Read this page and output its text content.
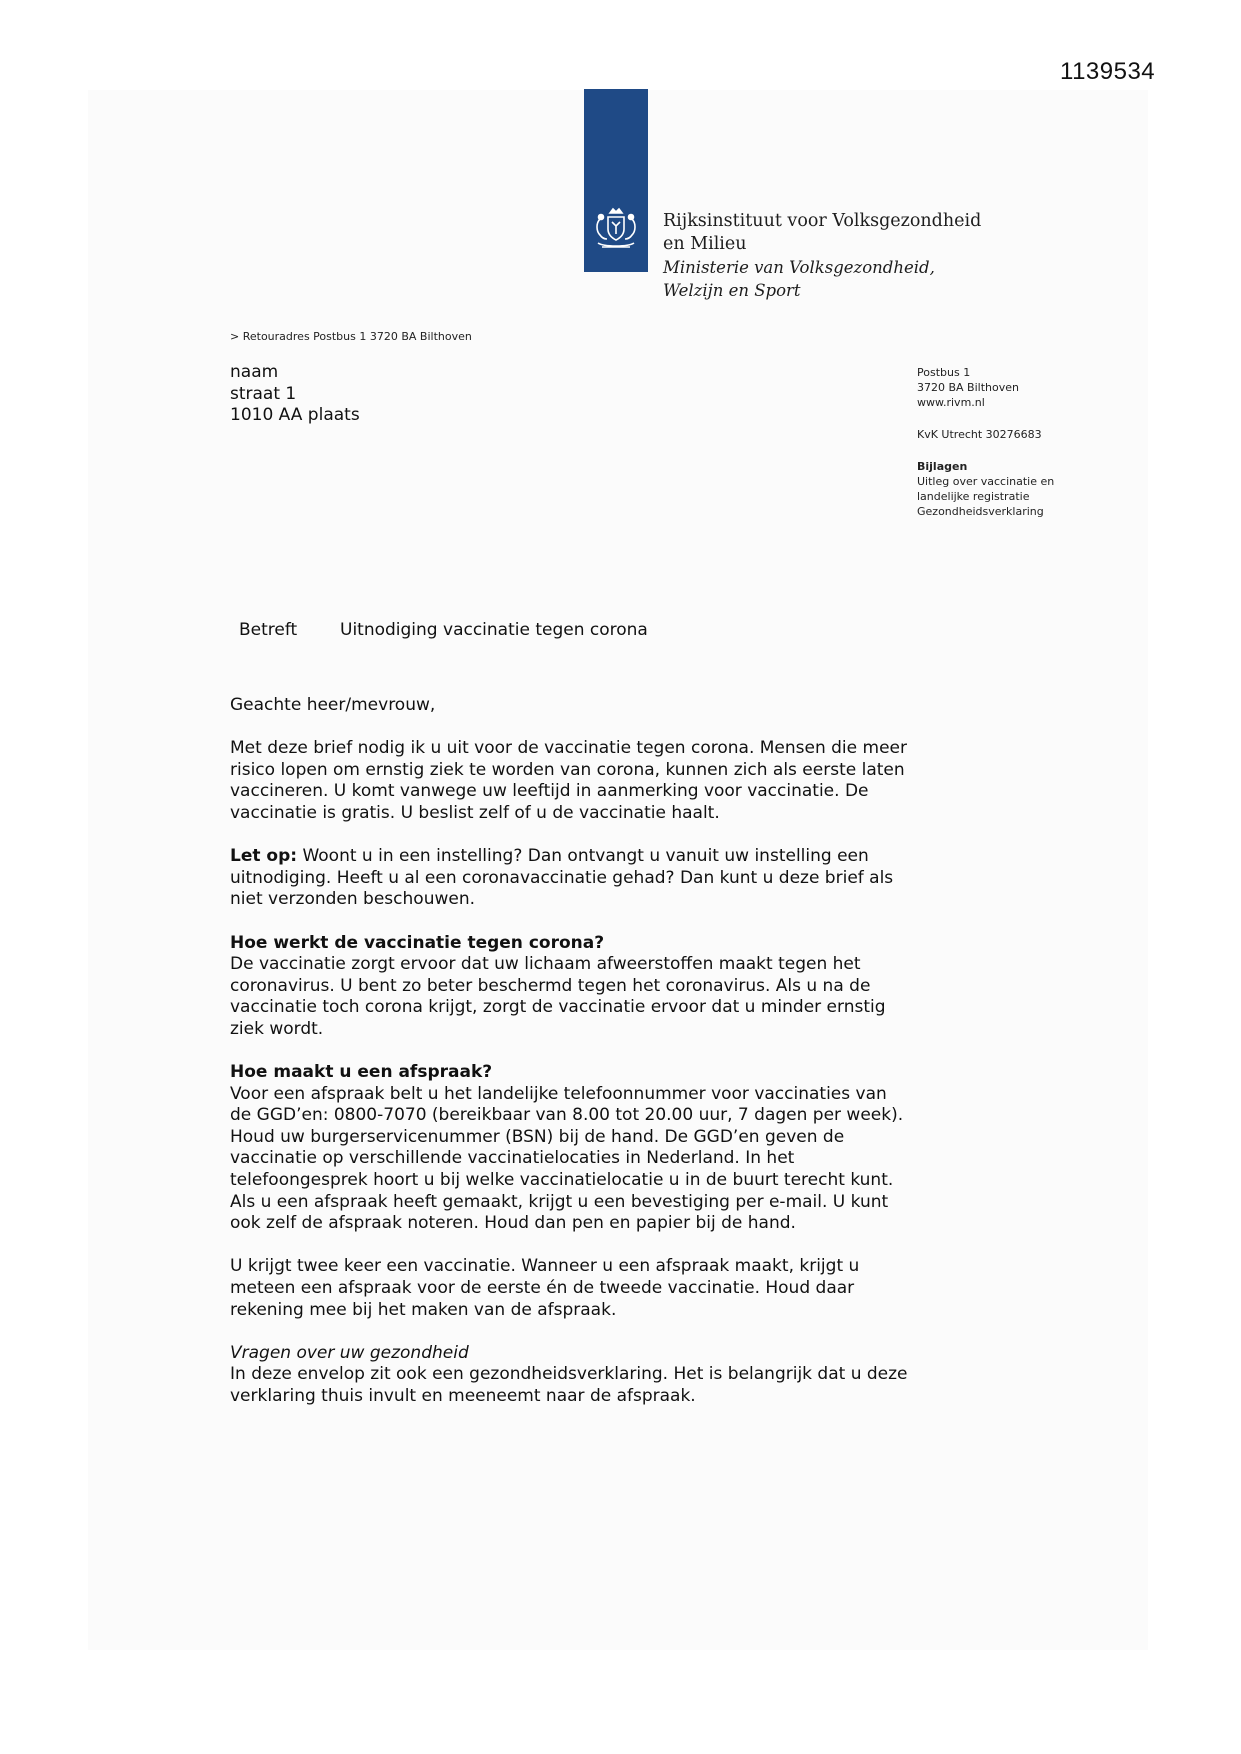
1139534
Rijksinstituut voor Volksgezondheid
en Milieu
Ministerie van Volksgezondheid,
Welzijn en Sport
> Retouradres Postbus 1 3720 BA Bilthoven
naam
straat 1
1010 AA plaats
Postbus 1
3720 BA Bilthoven
www.rivm.nl
KvK Utrecht 30276683
Bijlagen
Uitleg over vaccinatie en
landelijke registratie
Gezondheidsverklaring
Betreft	Uitnodiging vaccinatie tegen corona

Geachte heer/mevrouw,

Met deze brief nodig ik u uit voor de vaccinatie tegen corona. Mensen die meer risico lopen om ernstig ziek te worden van corona, kunnen zich als eerste laten vaccineren. U komt vanwege uw leeftijd in aanmerking voor vaccinatie. De vaccinatie is gratis. U beslist zelf of u de vaccinatie haalt.

Let op: Woont u in een instelling? Dan ontvangt u vanuit uw instelling een uitnodiging. Heeft u al een coronavaccinatie gehad? Dan kunt u deze brief als niet verzonden beschouwen.

Hoe werkt de vaccinatie tegen corona?

De vaccinatie zorgt ervoor dat uw lichaam afweerstoffen maakt tegen het coronavirus. U bent zo beter beschermd tegen het coronavirus. Als u na de vaccinatie toch corona krijgt, zorgt de vaccinatie ervoor dat u minder ernstig ziek wordt.

Hoe maakt u een afspraak?

Voor een afspraak belt u het landelijke telefoonnummer voor vaccinaties van de GGD’en: 0800-7070 (bereikbaar van 8.00 tot 20.00 uur, 7 dagen per week). Houd uw burgerservicenummer (BSN) bij de hand. De GGD’en geven de vaccinatie op verschillende vaccinatielocaties in Nederland. In het telefoongesprek hoort u bij welke vaccinatielocatie u in de buurt terecht kunt. Als u een afspraak heeft gemaakt, krijgt u een bevestiging per e-mail. U kunt ook zelf de afspraak noteren. Houd dan pen en papier bij de hand.

U krijgt twee keer een vaccinatie. Wanneer u een afspraak maakt, krijgt u meteen een afspraak voor de eerste én de tweede vaccinatie. Houd daar rekening mee bij het maken van de afspraak.

Vragen over uw gezondheid
In deze envelop zit ook een gezondheidsverklaring. Het is belangrijk dat u deze verklaring thuis invult en meeneemt naar de afspraak.
